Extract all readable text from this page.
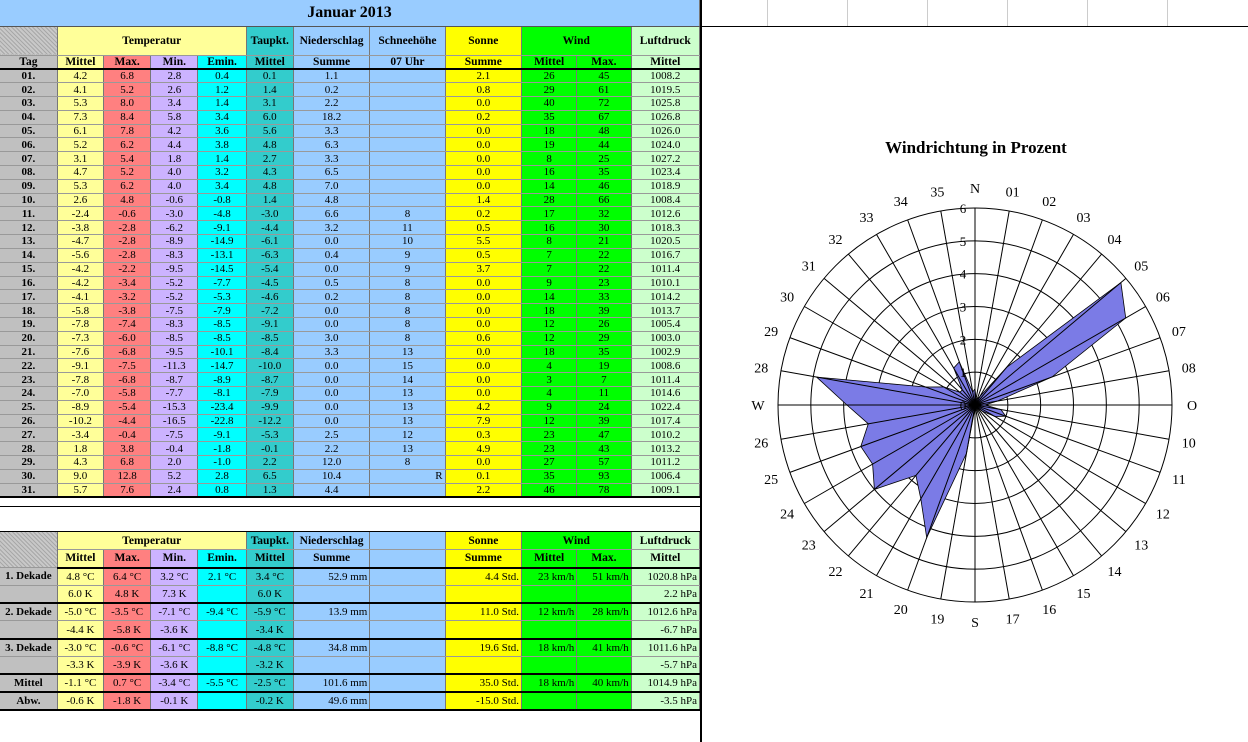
Januar 2013											
	Temperatur				Taupkt.	Niederschlag	Schneehöhe	Sonne	Wind		Luftdruck
Tag	Mittel	Max.	Min.	Emin.	Mittel	Summe	07 Uhr	Summe	Mittel	Max.	Mittel
01.	4.2	6.8	2.8	0.4	0.1	1.1		2.1	26	45	1008.2
02.	4.1	5.2	2.6	1.2	1.4	0.2		0.8	29	61	1019.5
03.	5.3	8.0	3.4	1.4	3.1	2.2		0.0	40	72	1025.8
04.	7.3	8.4	5.8	3.4	6.0	18.2		0.2	35	67	1026.8
05.	6.1	7.8	4.2	3.6	5.6	3.3		0.0	18	48	1026.0
06.	5.2	6.2	4.4	3.8	4.8	6.3		0.0	19	44	1024.0
07.	3.1	5.4	1.8	1.4	2.7	3.3		0.0	8	25	1027.2
08.	4.7	5.2	4.0	3.2	4.3	6.5		0.0	16	35	1023.4
09.	5.3	6.2	4.0	3.4	4.8	7.0		0.0	14	46	1018.9
10.	2.6	4.8	-0.6	-0.8	1.4	4.8		1.4	28	66	1008.4
11.	-2.4	-0.6	-3.0	-4.8	-3.0	6.6	8	0.2	17	32	1012.6
12.	-3.8	-2.8	-6.2	-9.1	-4.4	3.2	11	0.5	16	30	1018.3
13.	-4.7	-2.8	-8.9	-14.9	-6.1	0.0	10	5.5	8	21	1020.5
14.	-5.6	-2.8	-8.3	-13.1	-6.3	0.4	9	0.5	7	22	1016.7
15.	-4.2	-2.2	-9.5	-14.5	-5.4	0.0	9	3.7	7	22	1011.4
16.	-4.2	-3.4	-5.2	-7.7	-4.5	0.5	8	0.0	9	23	1010.1
17.	-4.1	-3.2	-5.2	-5.3	-4.6	0.2	8	0.0	14	33	1014.2
18.	-5.8	-3.8	-7.5	-7.9	-7.2	0.0	8	0.0	18	39	1013.7
19.	-7.8	-7.4	-8.3	-8.5	-9.1	0.0	8	0.0	12	26	1005.4
20.	-7.3	-6.0	-8.5	-8.5	-8.5	3.0	8	0.6	12	29	1003.0
21.	-7.6	-6.8	-9.5	-10.1	-8.4	3.3	13	0.0	18	35	1002.9
22.	-9.1	-7.5	-11.3	-14.7	-10.0	0.0	15	0.0	4	19	1008.6
23.	-7.8	-6.8	-8.7	-8.9	-8.7	0.0	14	0.0	3	7	1011.4
24.	-7.0	-5.8	-7.7	-8.1	-7.9	0.0	13	0.0	4	11	1014.6
25.	-8.9	-5.4	-15.3	-23.4	-9.9	0.0	13	4.2	9	24	1022.4
26.	-10.2	-4.4	-16.5	-22.8	-12.2	0.0	13	7.9	12	39	1017.4
27.	-3.4	-0.4	-7.5	-9.1	-5.3	2.5	12	0.3	23	47	1010.2
28.	1.8	3.8	-0.4	-1.8	-0.1	2.2	13	4.9	23	43	1013.2
29.	4.3	6.8	2.0	-1.0	2.2	12.0	8	0.0	27	57	1011.2
30.	9.0	12.8	5.2	2.8	6.5	10.4	R	0.1	35	93	1006.4
31.	5.7	7.6	2.4	0.8	1.3	4.4		2.2	46	78	1009.1
	Temperatur				Taupkt.	Niederschlag		Sonne	Wind		Luftdruck
	Mittel	Max.	Min.	Emin.	Mittel	Summe		Summe	Mittel	Max.	Mittel
1. Dekade	4.8 °C	6.4 °C	3.2 °C	2.1 °C	3.4 °C	52.9 mm		4.4 Std.	23 km/h	51 km/h	1020.8 hPa
	6.0 K	4.8 K	7.3 K		6.0 K						2.2 hPa
2. Dekade	-5.0 °C	-3.5 °C	-7.1 °C	-9.4 °C	-5.9 °C	13.9 mm		11.0 Std.	12 km/h	28 km/h	1012.6 hPa
	-4.4 K	-5.8 K	-3.6 K		-3.4 K						-6.7 hPa
3. Dekade	-3.0 °C	-0.6 °C	-6.1 °C	-8.8 °C	-4.8 °C	34.8 mm		19.6 Std.	18 km/h	41 km/h	1011.6 hPa
	-3.3 K	-3.9 K	-3.6 K		-3.2 K						-5.7 hPa
Mittel	-1.1 °C	0.7 °C	-3.4 °C	-5.5 °C	-2.5 °C	101.6 mm		35.0 Std.	18 km/h	40 km/h	1014.9 hPa
Abw.	-0.6 K	-1.8 K	-0.1 K		-0.2 K	49.6 mm		-15.0 Std.			-3.5 hPa
Windrichtung in Prozent
0
1
2
3
4
5
6
N 01
02
03
04
05
06
07
08
O
10
11
12
13
14
15
16
17
S
19
20
21
22
23
24
25
26
W
28
29
30
31
32
33
34
35
